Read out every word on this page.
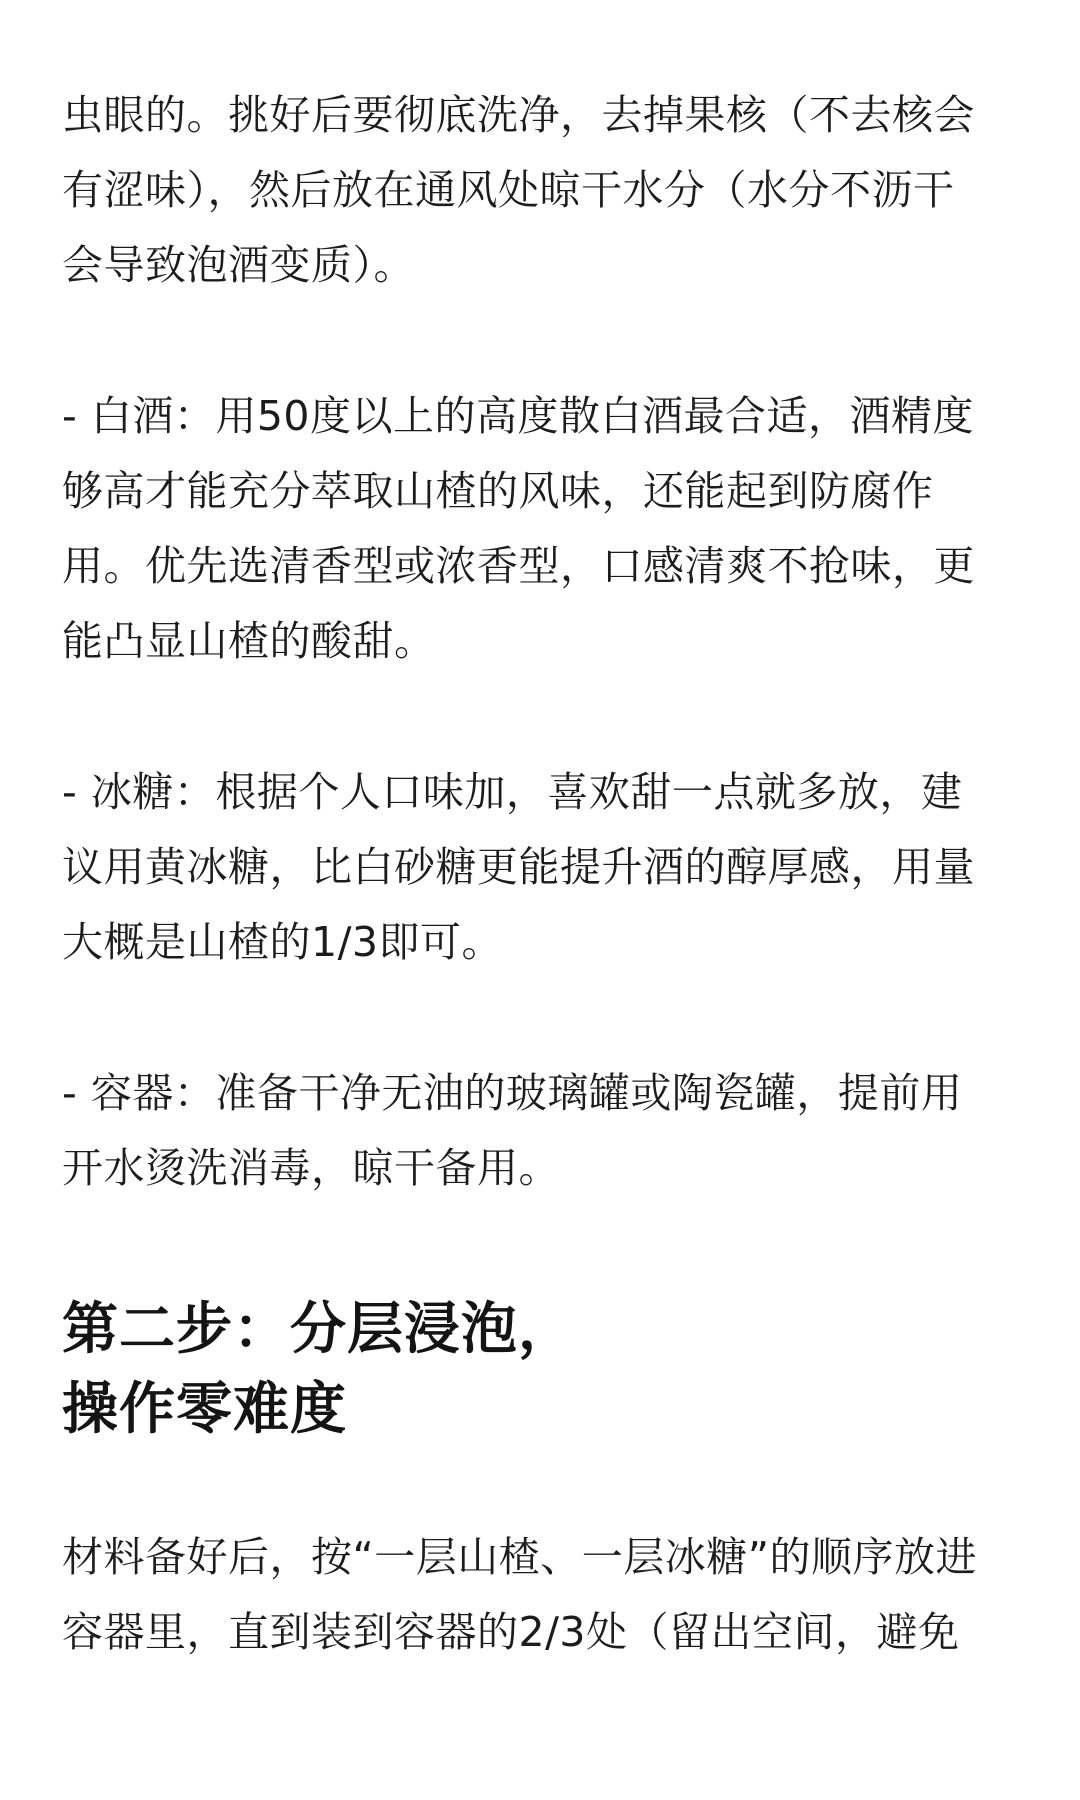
虫眼的。挑好后要彻底洗净，去掉果核（不去核会
有涩味），然后放在通风处晾干水分（水分不沥干
会导致泡酒变质）。

- 白酒：用50度以上的高度散白酒最合适，酒精度
够高才能充分萃取山楂的风味，还能起到防腐作
用。优先选清香型或浓香型，口感清爽不抢味，更
能凸显山楂的酸甜。

- 冰糖：根据个人口味加，喜欢甜一点就多放，建
议用黄冰糖，比白砂糖更能提升酒的醇厚感，用量
大概是山楂的1/3即可。

- 容器：准备干净无油的玻璃罐或陶瓷罐，提前用
开水烫洗消毒，晾干备用。

第二步：分层浸泡，
操作零难度

材料备好后，按“一层山楂、一层冰糖”的顺序放进
容器里，直到装到容器的2/3处（留出空间，避免
